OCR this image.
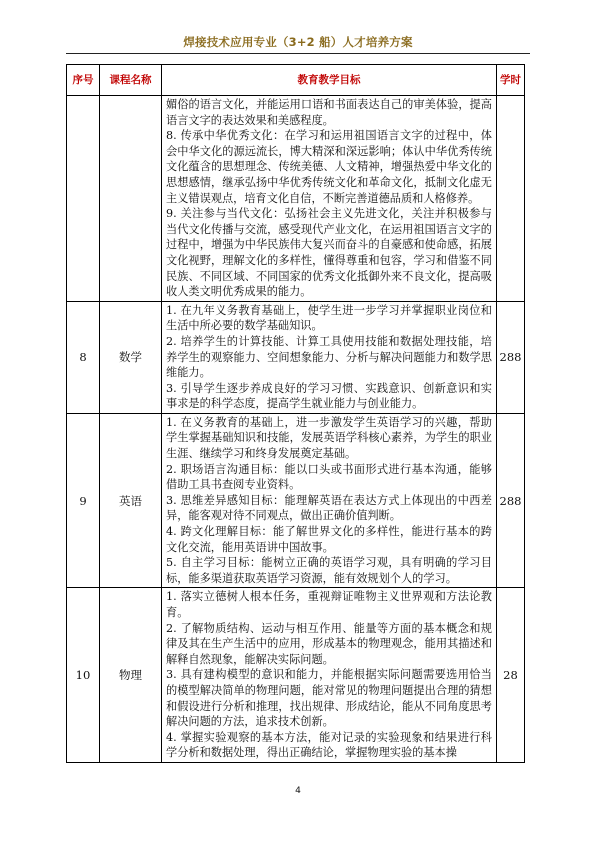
焊接技术应用专业（3+2 船）人才培养方案
序号	课程名称	教育教学目标	学时

		媚俗的语言文化，并能运用口语和书面表达自己的审美体验，提高语言文字的表达效果和美感程度。
8. 传承中华优秀文化：在学习和运用祖国语言文字的过程中，体会中华文化的源远流长，博大精深和深远影响；体认中华优秀传统文化蕴含的思想理念、传统美德、人文精神，增强热爱中华文化的思想感情，继承弘扬中华优秀传统文化和革命文化，抵制文化虚无主义错误观点，培育文化自信，不断完善道德品质和人格修养。
9. 关注参与当代文化：弘扬社会主义先进文化，关注并积极参与当代文化传播与交流，感受现代产业文化，在运用祖国语言文字的过程中，增强为中华民族伟大复兴而奋斗的自豪感和使命感，拓展文化视野，理解文化的多样性，懂得尊重和包容，学习和借鉴不同民族、不同区域、不同国家的优秀文化抵御外来不良文化，提高吸收人类文明优秀成果的能力。	

8	数学	1. 在九年义务教育基础上，使学生进一步学习并掌握职业岗位和生活中所必要的数学基础知识。
2. 培养学生的计算技能、计算工具使用技能和数据处理技能，培养学生的观察能力、空间想象能力、分析与解决问题能力和数学思维能力。
3. 引导学生逐步养成良好的学习习惯、实践意识、创新意识和实事求是的科学态度，提高学生就业能力与创业能力。	288
9	英语	1. 在义务教育的基础上，进一步激发学生英语学习的兴趣，帮助学生掌握基础知识和技能，发展英语学科核心素养，为学生的职业生涯、继续学习和终身发展奠定基础。
2. 职场语言沟通目标：能以口头或书面形式进行基本沟通，能够借助工具书查阅专业资料。
3. 思维差异感知目标：能理解英语在表达方式上体现出的中西差异，能客观对待不同观点，做出正确价值判断。
4. 跨文化理解目标：能了解世界文化的多样性，能进行基本的跨文化交流，能用英语讲中国故事。
5. 自主学习目标：能树立正确的英语学习观，具有明确的学习目标，能多渠道获取英语学习资源，能有效规划个人的学习。	288
10	物理	1. 落实立德树人根本任务，重视辩证唯物主义世界观和方法论教育。
2. 了解物质结构、运动与相互作用、能量等方面的基本概念和规律及其在生产生活中的应用，形成基本的物理观念，能用其描述和解释自然现象，能解决实际问题。
3. 具有建构模型的意识和能力，并能根据实际问题需要选用恰当的模型解决简单的物理问题，能对常见的物理问题提出合理的猜想和假设进行分析和推理，找出规律、形成结论，能从不同角度思考解决问题的方法，追求技术创新。
4. 掌握实验观察的基本方法，能对记录的实验现象和结果进行科学分析和数据处理，得出正确结论，掌握物理实验的基本操	28
4
